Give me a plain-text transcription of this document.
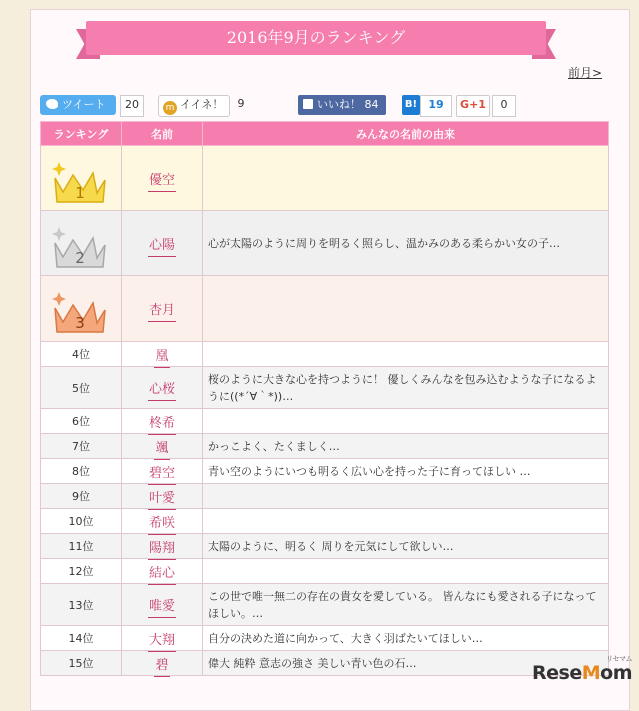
2016年9月のランキング
前月>
ツイート	20	m イイネ！	9	いいね！ 84	B!	19	G+1	0
ランキング	名前	みんなの名前の由来

1	優空	

2	心陽	心が太陽のように周りを明るく照らし、温かみのある柔らかい女の子…

3	杏月	
4位	凰	
5位	心桜	桜のように大きな心を持つように！ 優しくみんなを包み込むような子になるように((*´∀｀*))…
6位	柊希	
7位	颯	かっこよく、たくましく…
8位	碧空	青い空のようにいつも明るく広い心を持った子に育ってほしい …
9位	叶愛	
10位	希咲	
11位	陽翔	太陽のように、明るく 周りを元気にして欲しい…
12位	結心	
13位	唯愛	この世で唯一無二の存在の貴女を愛している。 皆んなにも愛される子になってほしい。…
14位	大翔	自分の決めた道に向かって、大きく羽ばたいてほしい…
15位	碧	偉大 純粋 意志の強さ 美しい青い色の石…	ReseMom
リセマム
